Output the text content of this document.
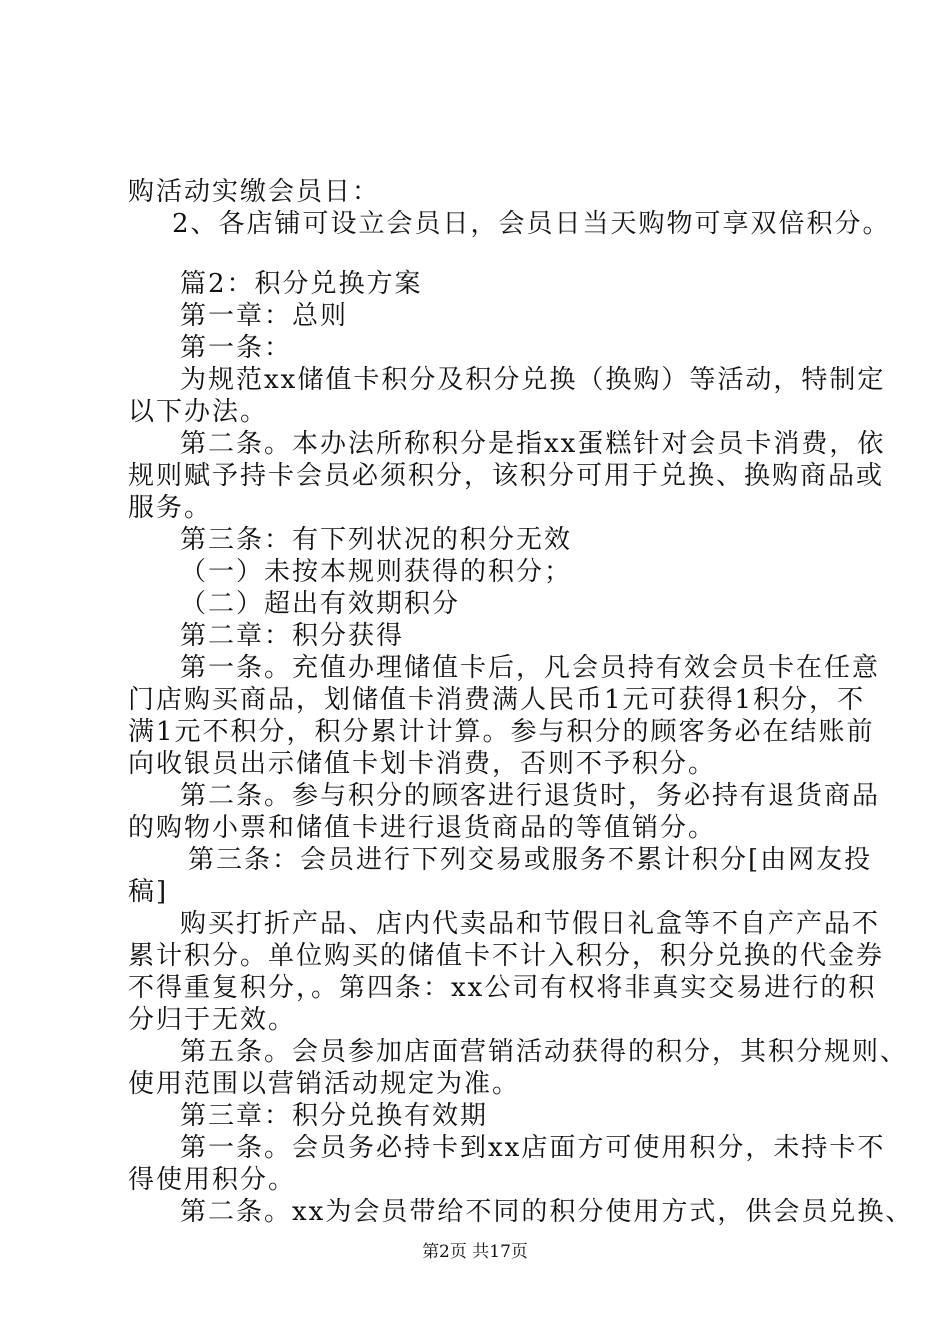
购活动实缴会员日：
2、各店铺可设立会员日，会员日当天购物可享双倍积分。
篇2：积分兑换方案
第一章：总则
第一条：
为规范xx储值卡积分及积分兑换（换购）等活动，特制定
以下办法。
第二条。本办法所称积分是指xx蛋糕针对会员卡消费，依
规则赋予持卡会员必须积分，该积分可用于兑换、换购商品或
服务。
第三条：有下列状况的积分无效
（一）未按本规则获得的积分；
（二）超出有效期积分
第二章：积分获得
第一条。充值办理储值卡后，凡会员持有效会员卡在任意
门店购买商品，划储值卡消费满人民币1元可获得1积分，不
满1元不积分，积分累计计算。参与积分的顾客务必在结账前
向收银员出示储值卡划卡消费，否则不予积分。
第二条。参与积分的顾客进行退货时，务必持有退货商品
的购物小票和储值卡进行退货商品的等值销分。
第三条：会员进行下列交易或服务不累计积分[由网友投
稿]
购买打折产品、店内代卖品和节假日礼盒等不自产产品不
累计积分。单位购买的储值卡不计入积分，积分兑换的代金券
不得重复积分，。第四条：xx公司有权将非真实交易进行的积
分归于无效。
第五条。会员参加店面营销活动获得的积分，其积分规则、
使用范围以营销活动规定为准。
第三章：积分兑换有效期
第一条。会员务必持卡到xx店面方可使用积分，未持卡不
得使用积分。
第二条。xx为会员带给不同的积分使用方式，供会员兑换、
第2页 共17页
